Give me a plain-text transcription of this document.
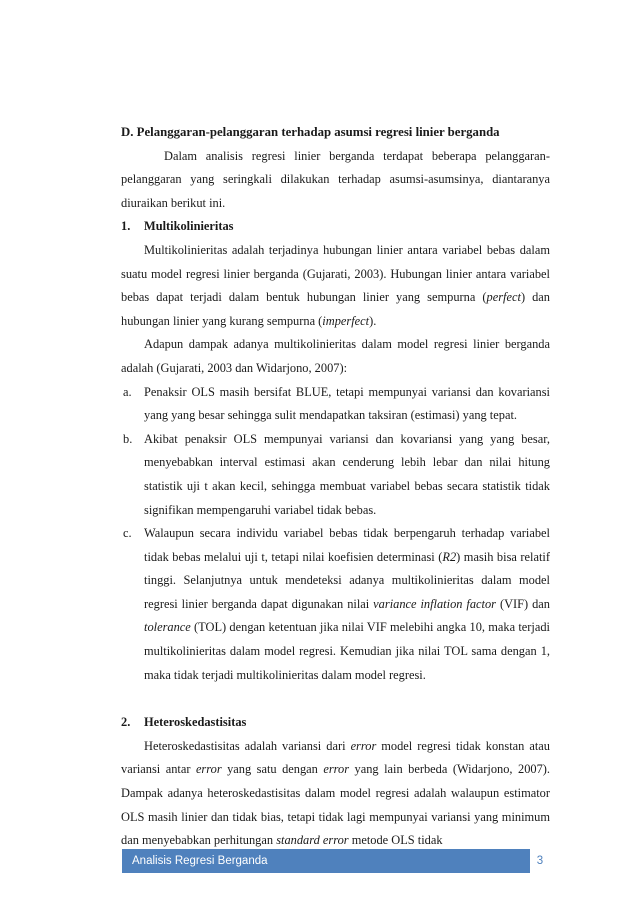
D. Pelanggaran-pelanggaran terhadap asumsi regresi linier berganda

Dalam analisis regresi linier berganda terdapat beberapa pelanggaran-pelanggaran yang seringkali dilakukan terhadap asumsi-asumsinya, diantaranya diuraikan berikut ini.

1.	Multikolinieritas

Multikolinieritas adalah terjadinya hubungan linier antara variabel bebas dalam suatu model regresi linier berganda (Gujarati, 2003). Hubungan linier antara variabel bebas dapat terjadi dalam bentuk hubungan linier yang sempurna (perfect) dan hubungan linier yang kurang sempurna (imperfect).

Adapun dampak adanya multikolinieritas dalam model regresi linier berganda adalah (Gujarati, 2003 dan Widarjono, 2007):

a. Penaksir OLS masih bersifat BLUE, tetapi mempunyai variansi dan kovariansi yang yang besar sehingga sulit mendapatkan taksiran (estimasi) yang tepat.
b. Akibat penaksir OLS mempunyai variansi dan kovariansi yang yang besar, menyebabkan interval estimasi akan cenderung lebih lebar dan nilai hitung statistik uji t akan kecil, sehingga membuat variabel bebas secara statistik tidak signifikan mempengaruhi variabel tidak bebas.
c. Walaupun secara individu variabel bebas tidak berpengaruh terhadap variabel tidak bebas melalui uji t, tetapi nilai koefisien determinasi (R2) masih bisa relatif tinggi. Selanjutnya untuk mendeteksi adanya multikolinieritas dalam model regresi linier berganda dapat digunakan nilai variance inflation factor (VIF) dan tolerance (TOL) dengan ketentuan jika nilai VIF melebihi angka 10, maka terjadi multikolinieritas dalam model regresi. Kemudian jika nilai TOL sama dengan 1, maka tidak terjadi multikolinieritas dalam model regresi.
2.	Heteroskedastisitas

Heteroskedastisitas adalah variansi dari error model regresi tidak konstan atau variansi antar error yang satu dengan error yang lain berbeda (Widarjono, 2007). Dampak adanya heteroskedastisitas dalam model regresi adalah walaupun estimator OLS masih linier dan tidak bias, tetapi tidak lagi mempunyai variansi yang minimum dan menyebabkan perhitungan standard error metode OLS tidak

Analisis Regresi Berganda	3
